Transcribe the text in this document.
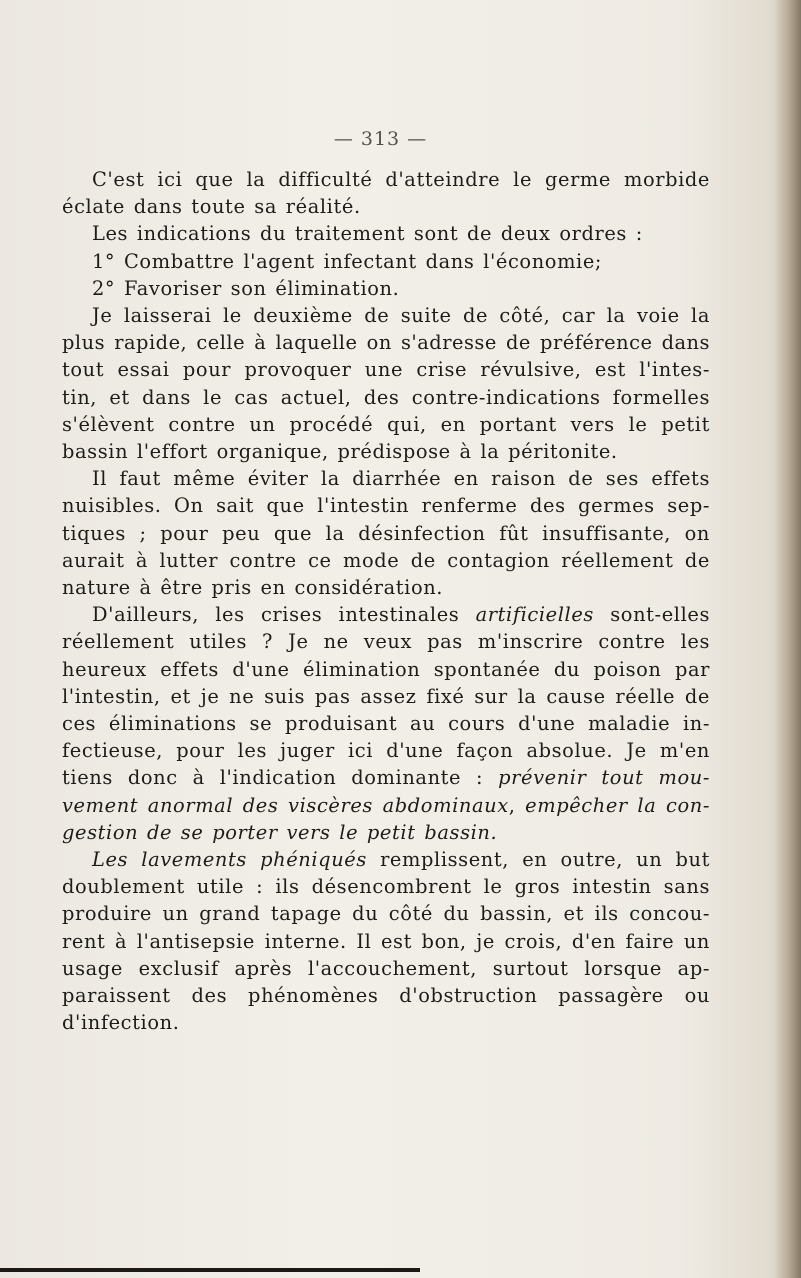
— 313 —
C'est ici que la difficulté d'atteindre le germe morbide
éclate dans toute sa réalité.
Les indications du traitement sont de deux ordres :
1° Combattre l'agent infectant dans l'économie;
2° Favoriser son élimination.
Je laisserai le deuxième de suite de côté, car la voie la
plus rapide, celle à laquelle on s'adresse de préférence dans
tout essai pour provoquer une crise révulsive, est l'intes-
tin, et dans le cas actuel, des contre-indications formelles
s'élèvent contre un procédé qui, en portant vers le petit
bassin l'effort organique, prédispose à la péritonite.
Il faut même éviter la diarrhée en raison de ses effets
nuisibles. On sait que l'intestin renferme des germes sep-
tiques ; pour peu que la désinfection fût insuffisante, on
aurait à lutter contre ce mode de contagion réellement de
nature à être pris en considération.
D'ailleurs, les crises intestinales artificielles sont-elles
réellement utiles ? Je ne veux pas m'inscrire contre les
heureux effets d'une élimination spontanée du poison par
l'intestin, et je ne suis pas assez fixé sur la cause réelle de
ces éliminations se produisant au cours d'une maladie in-
fectieuse, pour les juger ici d'une façon absolue. Je m'en
tiens donc à l'indication dominante : prévenir tout mou-
vement anormal des viscères abdominaux, empêcher la con-
gestion de se porter vers le petit bassin.
Les lavements phéniqués remplissent, en outre, un but
doublement utile : ils désencombrent le gros intestin sans
produire un grand tapage du côté du bassin, et ils concou-
rent à l'antisepsie interne. Il est bon, je crois, d'en faire un
usage exclusif après l'accouchement, surtout lorsque ap-
paraissent des phénomènes d'obstruction passagère ou
d'infection.
